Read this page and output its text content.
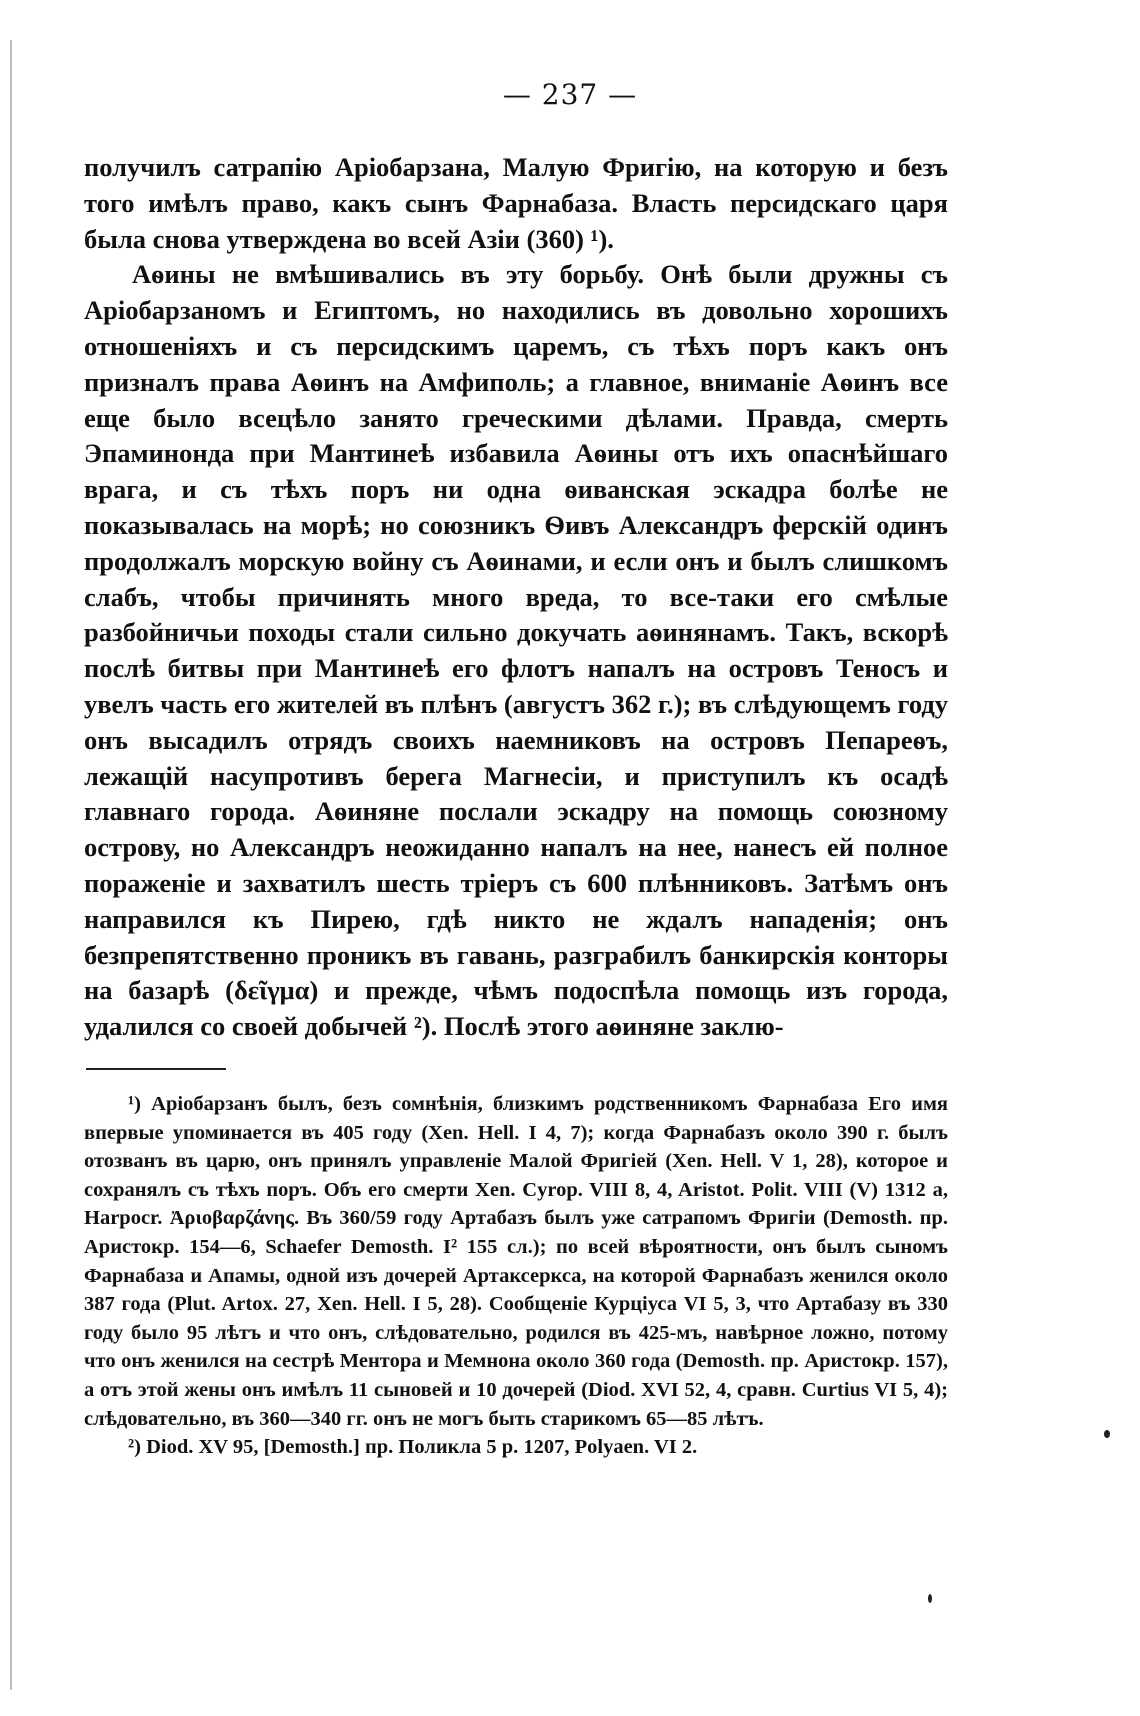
— 237 —

получилъ сатрапію Аріобарзана, Малую Фригію, на которую и безъ того имѣлъ право, какъ сынъ Фарнабаза. Власть персидскаго царя была снова утверждена во всей Азіи (360) ¹).

Аѳины не вмѣшивались въ эту борьбу. Онѣ были дружны съ Аріобарзаномъ и Египтомъ, но находились въ довольно хорошихъ отношеніяхъ и съ персидскимъ царемъ, съ тѣхъ поръ какъ онъ призналъ права Аѳинъ на Амфиполь; а главное, вниманіе Аѳинъ все еще было всецѣло занято греческими дѣлами. Правда, смерть Эпаминонда при Мантинеѣ избавила Аѳины отъ ихъ опаснѣйшаго врага, и съ тѣхъ поръ ни одна ѳиванская эскадра болѣе не показывалась на морѣ; но союзникъ Ѳивъ Александръ ферскій одинъ продолжалъ морскую войну съ Аѳинами, и если онъ и былъ слишкомъ слабъ, чтобы причинять много вреда, то все-таки его смѣлые разбойничьи походы стали сильно докучать аѳинянамъ. Такъ, вскорѣ послѣ битвы при Мантинеѣ его флотъ напалъ на островъ Теносъ и увелъ часть его жителей въ плѣнъ (августъ 362 г.); въ слѣдующемъ году онъ высадилъ отрядъ своихъ наемниковъ на островъ Пепареѳъ, лежащій насупротивъ берега Магнесіи, и приступилъ къ осадѣ главнаго города. Аѳиняне послали эскадру на помощь союзному острову, но Александръ неожиданно напалъ на нее, нанесъ ей полное пораженіе и захватилъ шесть тріеръ съ 600 плѣнниковъ. Затѣмъ онъ направился къ Пирею, гдѣ никто не ждалъ нападенія; онъ безпрепятственно проникъ въ гавань, разграбилъ банкирскія конторы на базарѣ (δεῖγμα) и прежде, чѣмъ подоспѣла помощь изъ города, удалился со своей добычей ²). Послѣ этого аѳиняне заклю-

¹) Аріобарзанъ былъ, безъ сомнѣнія, близкимъ родственникомъ Фарнабаза Его имя впервые упоминается въ 405 году (Xen. Hell. I 4, 7); когда Фарнабазъ около 390 г. былъ отозванъ въ царю, онъ принялъ управленіе Малой Фригіей (Xen. Hell. V 1, 28), которое и сохранялъ съ тѣхъ поръ. Объ его смерти Xen. Cyrop. VIII 8, 4, Aristot. Polit. VIII (V) 1312 а, Harpocr. Ἀριοβαρζάνης. Въ 360/59 году Артабазъ былъ уже сатрапомъ Фригіи (Demosth. пр. Аристокр. 154—6, Schaefer Demosth. I² 155 сл.); по всей вѣроятности, онъ былъ сыномъ Фарнабаза и Апамы, одной изъ дочерей Артаксеркса, на которой Фарнабазъ женился около 387 года (Plut. Artox. 27, Xen. Hell. I 5, 28). Сообщеніе Курціуса VI 5, 3, что Артабазу въ 330 году было 95 лѣтъ и что онъ, слѣдовательно, родился въ 425-мъ, навѣрное ложно, потому что онъ женился на сестрѣ Ментора и Мемнона около 360 года (Demosth. пр. Аристокр. 157), а отъ этой жены онъ имѣлъ 11 сыновей и 10 дочерей (Diod. XVI 52, 4, сравн. Curtius VI 5, 4); слѣдовательно, въ 360—340 гг. онъ не могъ быть старикомъ 65—85 лѣтъ.

²) Diod. XV 95, [Demosth.] пр. Поликла 5 р. 1207, Polyaen. VI 2.
